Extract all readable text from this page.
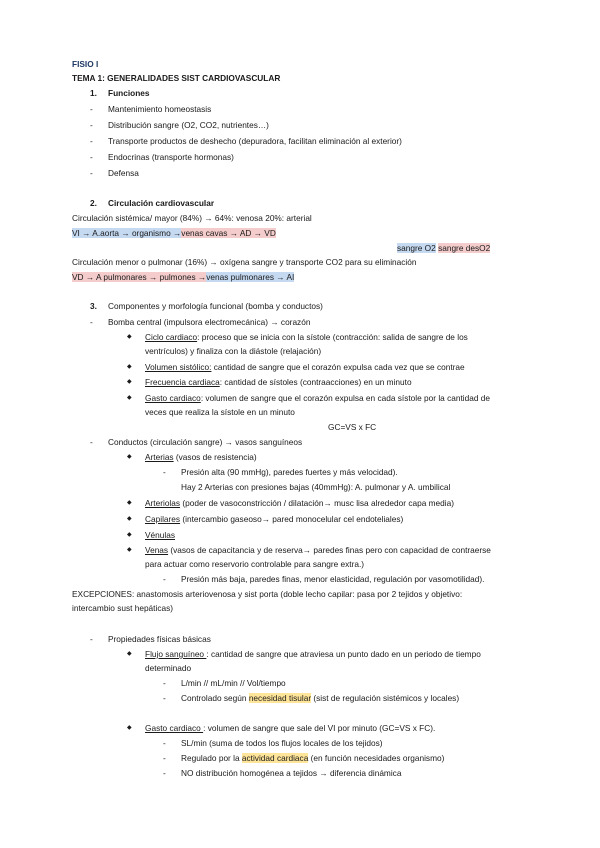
FISIO I
TEMA 1: GENERALIDADES SIST CARDIOVASCULAR
1. Funciones
- Mantenimiento homeostasis
- Distribución sangre (O2, CO2, nutrientes…)
- Transporte productos de deshecho (depuradora, facilitan eliminación al exterior)
- Endocrinas (transporte hormonas)
- Defensa
2. Circulación cardiovascular
Circulación sistémica/ mayor (84%) → 64%: venosa 20%: arterial
VI → A.aorta → organismo →venas cavas → AD → VD
sangre O2 sangre desO2
Circulación menor o pulmonar (16%) → oxígena sangre y transporte CO2 para su eliminación
VD → A pulmonares → pulmones →venas pulmonares → AI
3. Componentes y morfología funcional (bomba y conductos)
- Bomba central (impulsora electromecánica) → corazón
◆ Ciclo cardiaco: proceso que se inicia con la sístole (contracción: salida de sangre de los
ventrículos) y finaliza con la diástole (relajación)
◆ Volumen sistólico: cantidad de sangre que el corazón expulsa cada vez que se contrae
◆ Frecuencia cardiaca: cantidad de sístoles (contraacciones) en un minuto
◆ Gasto cardiaco: volumen de sangre que el corazón expulsa en cada sístole por la cantidad de
veces que realiza la sístole en un minuto
GC=VS x FC
- Conductos (circulación sangre) → vasos sanguíneos
◆ Arterias (vasos de resistencia)
- Presión alta (90 mmHg), paredes fuertes y más velocidad).
Hay 2 Arterias con presiones bajas (40mmHg): A. pulmonar y A. umbilical
◆ Arteriolas (poder de vasoconstricción / dilatación→ musc lisa alrededor capa media)
◆ Capilares (intercambio gaseoso→ pared monocelular cel endoteliales)
◆ Vénulas
◆ Venas (vasos de capacitancia y de reserva→ paredes finas pero con capacidad de contraerse
para actuar como reservorio controlable para sangre extra.)
- Presión más baja, paredes finas, menor elasticidad, regulación por vasomotilidad).
EXCEPCIONES: anastomosis arteriovenosa y sist porta (doble lecho capilar: pasa por 2 tejidos y objetivo:
intercambio sust hepáticas)
- Propiedades físicas básicas
◆ Flujo sanguíneo : cantidad de sangre que atraviesa un punto dado en un periodo de tiempo
determinado
- L/min // mL/min // Vol/tiempo
- Controlado según necesidad tisular (sist de regulación sistémicos y locales)
◆ Gasto cardiaco : volumen de sangre que sale del VI por minuto (GC=VS x FC).
- SL/min (suma de todos los flujos locales de los tejidos)
- Regulado por la actividad cardiaca (en función necesidades organismo)
- NO distribución homogénea a tejidos → diferencia dinámica
